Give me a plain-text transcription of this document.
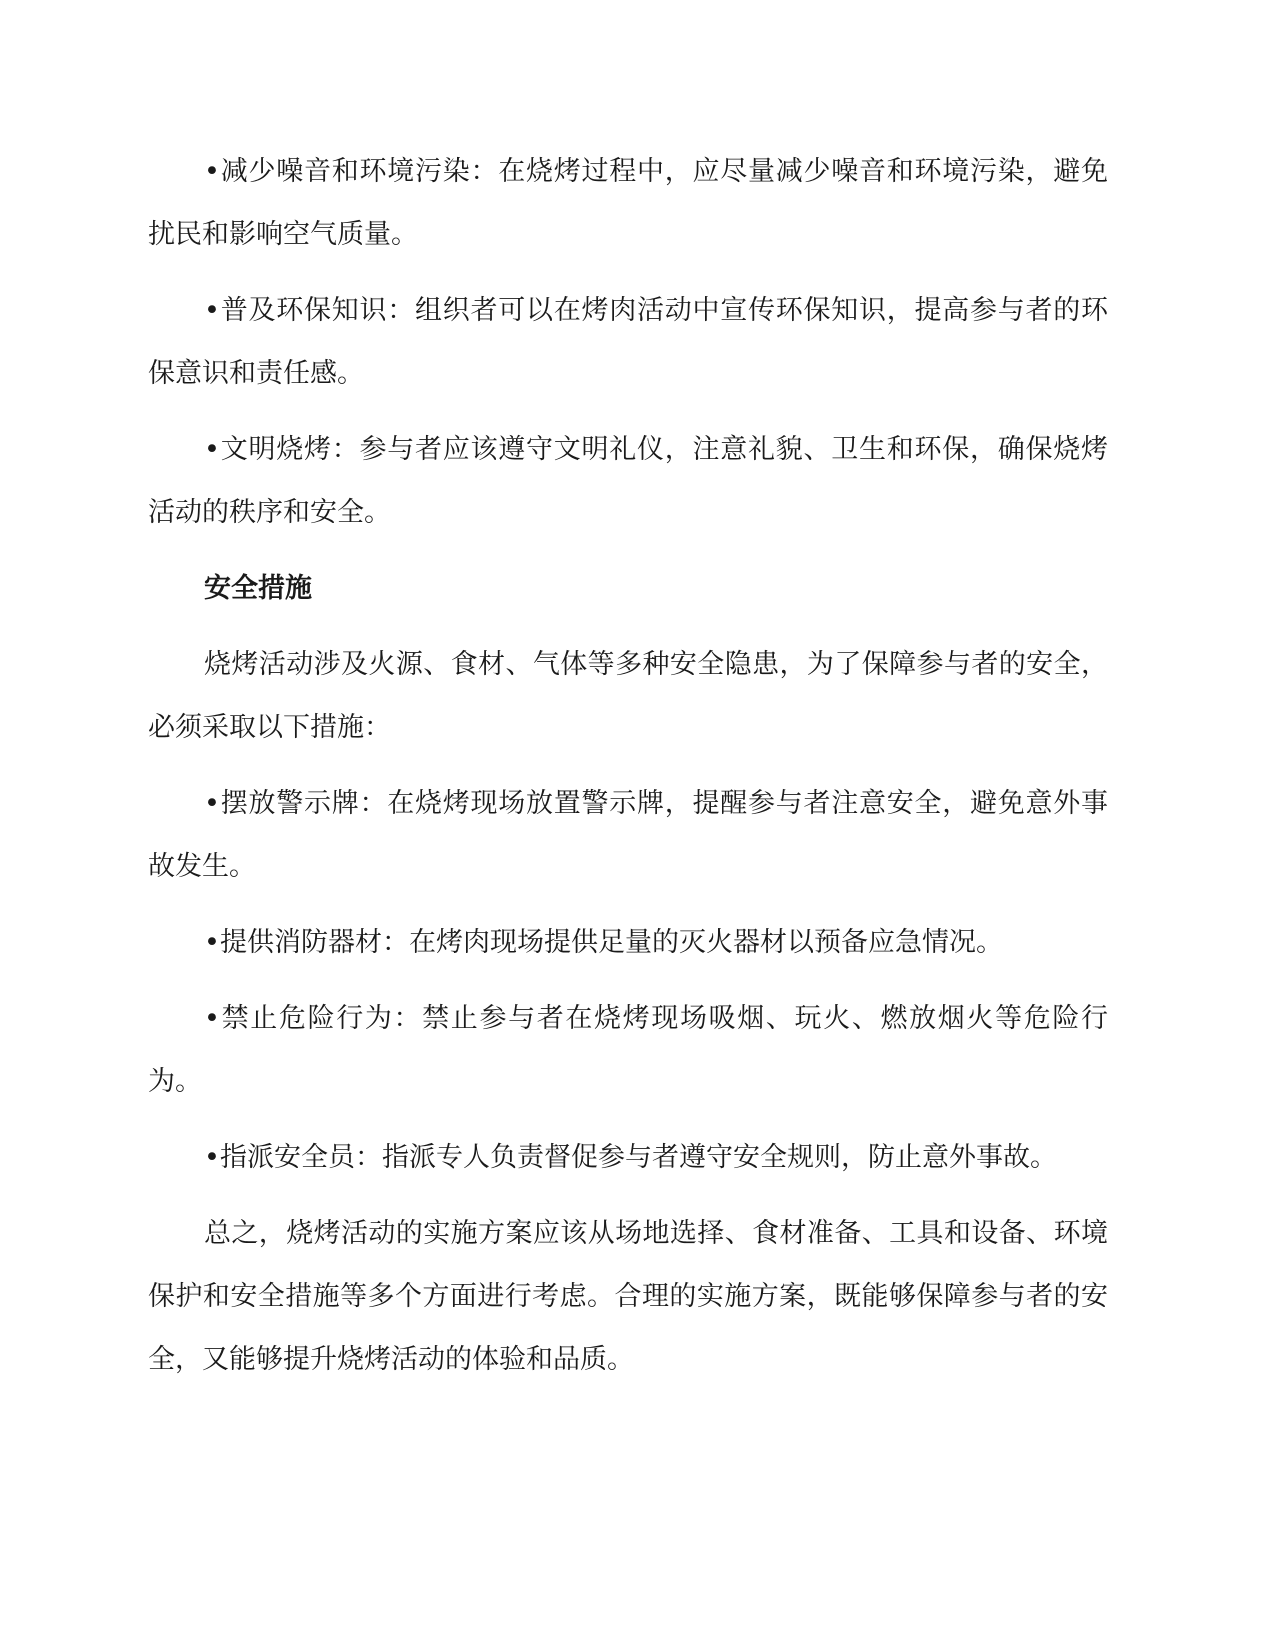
•减少噪音和环境污染：在烧烤过程中，应尽量减少噪音和环境污染，避免扰民和影响空气质量。

•普及环保知识：组织者可以在烤肉活动中宣传环保知识，提高参与者的环保意识和责任感。

•文明烧烤：参与者应该遵守文明礼仪，注意礼貌、卫生和环保，确保烧烤活动的秩序和安全。

安全措施

烧烤活动涉及火源、食材、气体等多种安全隐患，为了保障参与者的安全，必须采取以下措施：

•摆放警示牌：在烧烤现场放置警示牌，提醒参与者注意安全，避免意外事故发生。

•提供消防器材：在烤肉现场提供足量的灭火器材以预备应急情况。

•禁止危险行为：禁止参与者在烧烤现场吸烟、玩火、燃放烟火等危险行为。

•指派安全员：指派专人负责督促参与者遵守安全规则，防止意外事故。

总之，烧烤活动的实施方案应该从场地选择、食材准备、工具和设备、环境保护和安全措施等多个方面进行考虑。合理的实施方案，既能够保障参与者的安全，又能够提升烧烤活动的体验和品质。
